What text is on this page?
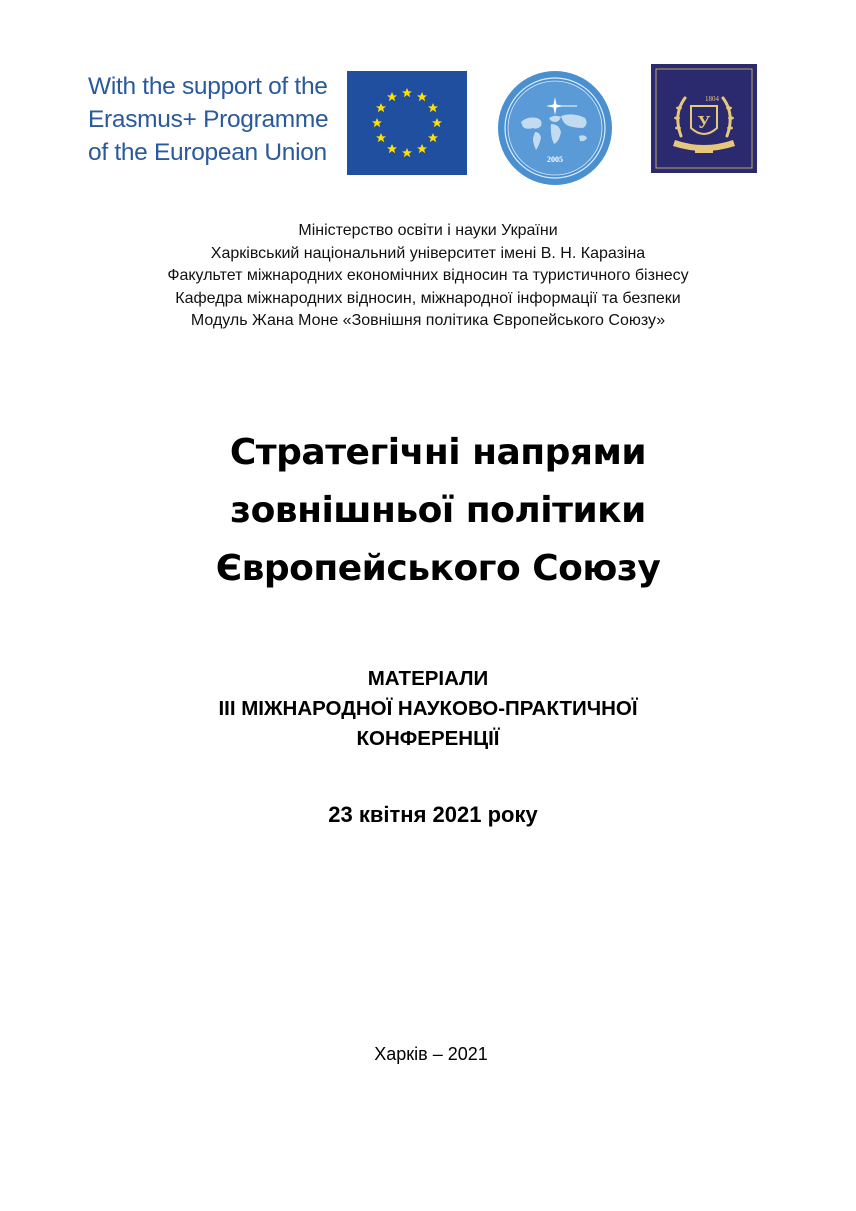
With the support of the
Erasmus+ Programme
of the European Union	2005
1804
У
Міністерство освіти і науки України
Харківський національний університет імені В. Н. Каразіна
Факультет міжнародних економічних відносин та туристичного бізнесу
Кафедра міжнародних відносин, міжнародної інформації та безпеки
Модуль Жана Моне «Зовнішня політика Європейського Союзу»
Стратегічні напрями
зовнішньої політики
Європейського Союзу
МАТЕРІАЛИ
ІІІ МІЖНАРОДНОЇ НАУКОВО-ПРАКТИЧНОЇ
КОНФЕРЕНЦІЇ
23 квітня 2021 року
Харків – 2021
